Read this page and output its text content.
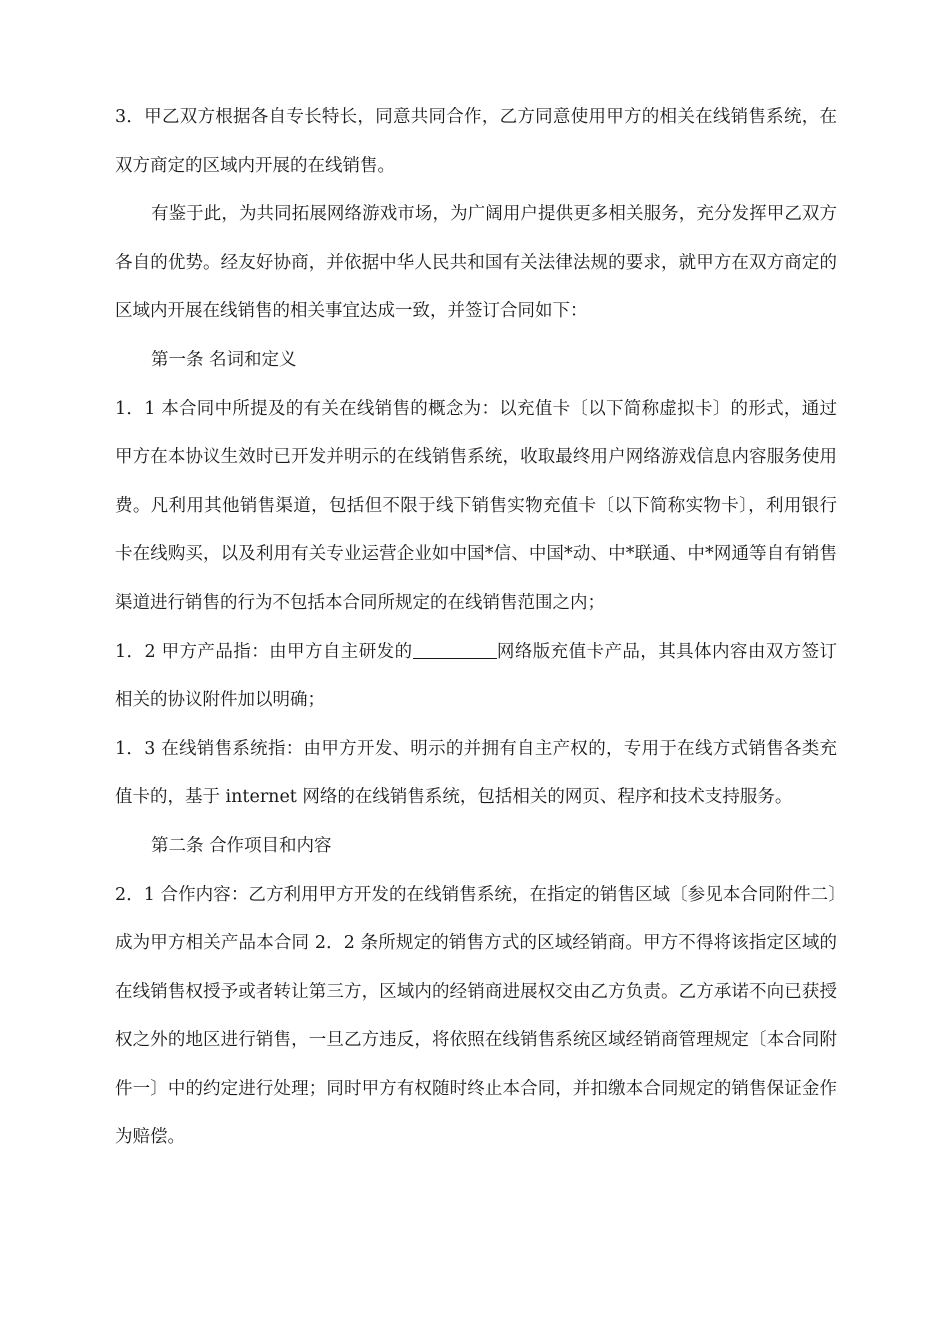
3．甲乙双方根据各自专长特长，同意共同合作，乙方同意使用甲方的相关在线销售系统，在双方商定的区域内开展的在线销售。

有鉴于此，为共同拓展网络游戏市场，为广阔用户提供更多相关服务，充分发挥甲乙双方各自的优势。经友好协商，并依据中华人民共和国有关法律法规的要求，就甲方在双方商定的区域内开展在线销售的相关事宜达成一致，并签订合同如下：

第一条 名词和定义

1．1 本合同中所提及的有关在线销售的概念为：以充值卡〔以下简称虚拟卡〕的形式，通过甲方在本协议生效时已开发并明示的在线销售系统，收取最终用户网络游戏信息内容服务使用费。凡利用其他销售渠道，包括但不限于线下销售实物充值卡〔以下简称实物卡〕，利用银行卡在线购买，以及利用有关专业运营企业如中国*信、中国*动、中*联通、中*网通等自有销售渠道进行销售的行为不包括本合同所规定的在线销售范围之内；

1．2 甲方产品指：由甲方自主研发的	网络版充值卡产品，其具体内容由双方签订相关的协议附件加以明确；

1．3 在线销售系统指：由甲方开发、明示的并拥有自主产权的，专用于在线方式销售各类充值卡的，基于 internet 网络的在线销售系统，包括相关的网页、程序和技术支持服务。

第二条 合作项目和内容

2．1 合作内容：乙方利用甲方开发的在线销售系统，在指定的销售区域〔参见本合同附件二〕成为甲方相关产品本合同 2．2 条所规定的销售方式的区域经销商。甲方不得将该指定区域的在线销售权授予或者转让第三方，区域内的经销商进展权交由乙方负责。乙方承诺不向已获授权之外的地区进行销售，一旦乙方违反，将依照在线销售系统区域经销商管理规定〔本合同附件一〕中的约定进行处理；同时甲方有权随时终止本合同，并扣缴本合同规定的销售保证金作为赔偿。
